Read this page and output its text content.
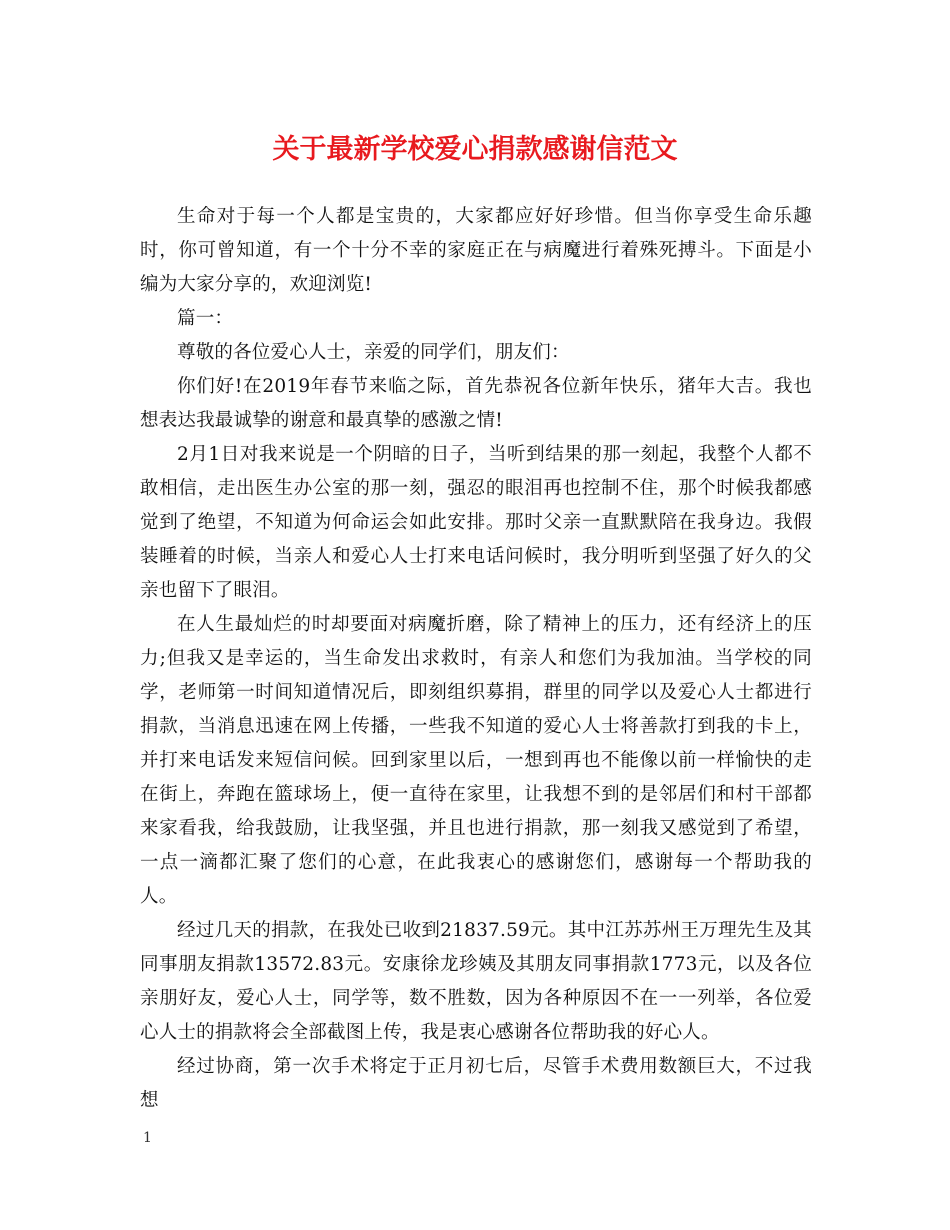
关于最新学校爱心捐款感谢信范文

生命对于每一个人都是宝贵的，大家都应好好珍惜。但当你享受生命乐趣时，你可曾知道，有一个十分不幸的家庭正在与病魔进行着殊死搏斗。下面是小编为大家分享的，欢迎浏览!

篇一：

尊敬的各位爱心人士，亲爱的同学们，朋友们：

你们好!在2019年春节来临之际，首先恭祝各位新年快乐，猪年大吉。我也想表达我最诚挚的谢意和最真挚的感激之情!

2月1日对我来说是一个阴暗的日子，当听到结果的那一刻起，我整个人都不敢相信，走出医生办公室的那一刻，强忍的眼泪再也控制不住，那个时候我都感觉到了绝望，不知道为何命运会如此安排。那时父亲一直默默陪在我身边。我假装睡着的时候，当亲人和爱心人士打来电话问候时，我分明听到坚强了好久的父亲也留下了眼泪。

在人生最灿烂的时却要面对病魔折磨，除了精神上的压力，还有经济上的压力;但我又是幸运的，当生命发出求救时，有亲人和您们为我加油。当学校的同学，老师第一时间知道情况后，即刻组织募捐，群里的同学以及爱心人士都进行捐款，当消息迅速在网上传播，一些我不知道的爱心人士将善款打到我的卡上，并打来电话发来短信问候。回到家里以后，一想到再也不能像以前一样愉快的走在街上，奔跑在篮球场上，便一直待在家里，让我想不到的是邻居们和村干部都来家看我，给我鼓励，让我坚强，并且也进行捐款，那一刻我又感觉到了希望，一点一滴都汇聚了您们的心意，在此我衷心的感谢您们，感谢每一个帮助我的人。

经过几天的捐款，在我处已收到21837.59元。其中江苏苏州王万理先生及其同事朋友捐款13572.83元。安康徐龙珍姨及其朋友同事捐款1773元，以及各位亲朋好友，爱心人士，同学等，数不胜数，因为各种原因不在一一列举，各位爱心人士的捐款将会全部截图上传，我是衷心感谢各位帮助我的好心人。

经过协商，第一次手术将定于正月初七后，尽管手术费用数额巨大，不过我想

1
